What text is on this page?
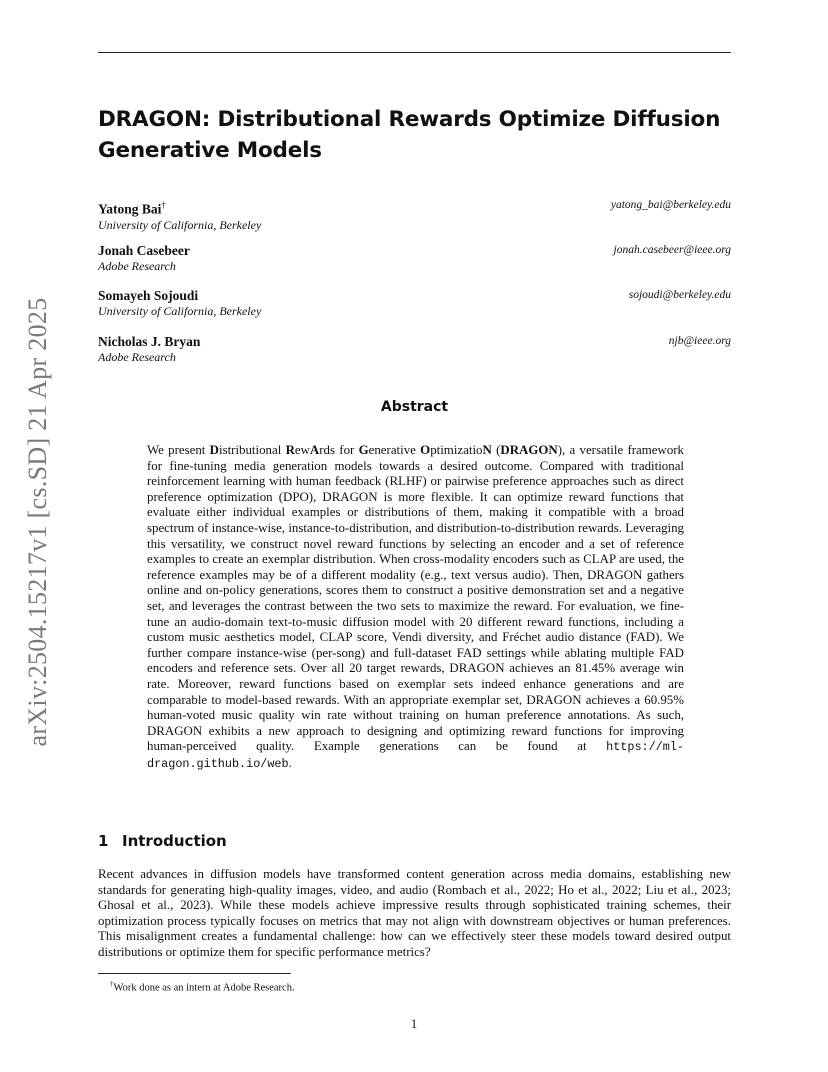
arXiv:2504.15217v1 [cs.SD] 21 Apr 2025
DRAGON: Distributional Rewards Optimize Diffusion Generative Models
Yatong Bai†
University of California, Berkeley
yatong_bai@berkeley.edu
Jonah Casebeer
Adobe Research
jonah.casebeer@ieee.org
Somayeh Sojoudi
University of California, Berkeley
sojoudi@berkeley.edu
Nicholas J. Bryan
Adobe Research
njb@ieee.org
Abstract

We present Distributional RewArds for Generative OptimizatioN (DRAGON), a versatile framework for fine-tuning media generation models towards a desired outcome. Compared with traditional reinforcement learning with human feedback (RLHF) or pairwise preference approaches such as direct preference optimization (DPO), DRAGON is more flexible. It can optimize reward functions that evaluate either individual examples or distributions of them, making it compatible with a broad spectrum of instance-wise, instance-to-distribution, and distribution-to-distribution rewards. Leveraging this versatility, we construct novel reward functions by selecting an encoder and a set of reference examples to create an exemplar distribution. When cross-modality encoders such as CLAP are used, the reference examples may be of a different modality (e.g., text versus audio). Then, DRAGON gathers online and on-policy generations, scores them to construct a positive demonstration set and a negative set, and leverages the contrast between the two sets to maximize the reward. For evaluation, we fine-tune an audio-domain text-to-music diffusion model with 20 different reward functions, including a custom music aesthetics model, CLAP score, Vendi diversity, and Fréchet audio distance (FAD). We further compare instance-wise (per-song) and full-dataset FAD settings while ablating multiple FAD encoders and reference sets. Over all 20 target rewards, DRAGON achieves an 81.45% average win rate. Moreover, reward functions based on exemplar sets indeed enhance generations and are comparable to model-based rewards. With an appropriate exemplar set, DRAGON achieves a 60.95% human-voted music quality win rate without training on human preference annotations. As such, DRAGON exhibits a new approach to designing and optimizing reward functions for improving human-perceived quality. Example generations can be found at https://ml-dragon.github.io/web.

1 Introduction

Recent advances in diffusion models have transformed content generation across media domains, establishing new standards for generating high-quality images, video, and audio (Rombach et al., 2022; Ho et al., 2022; Liu et al., 2023; Ghosal et al., 2023). While these models achieve impressive results through sophisticated training schemes, their optimization process typically focuses on metrics that may not align with downstream objectives or human preferences. This misalignment creates a fundamental challenge: how can we effectively steer these models toward desired output distributions or optimize them for specific performance metrics?

†Work done as an intern at Adobe Research.
1
